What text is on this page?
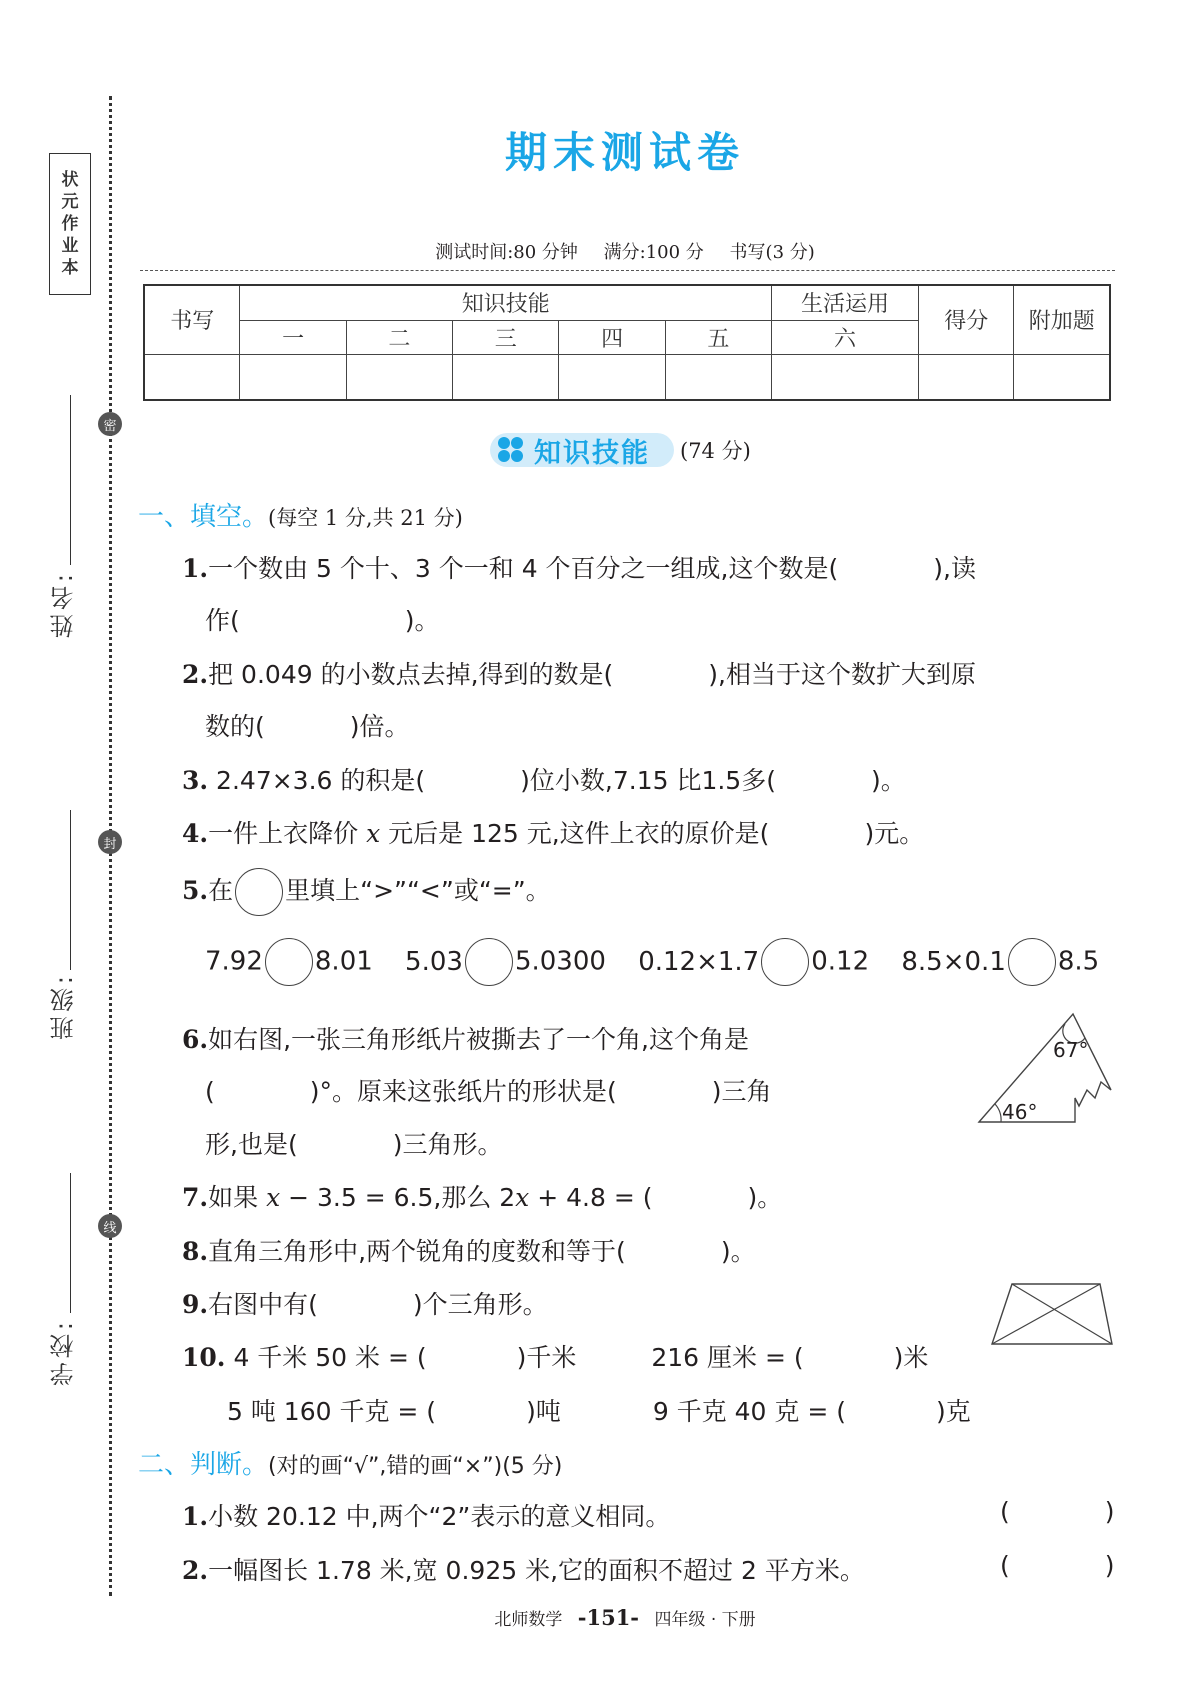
状
元
作
业
本
密
封
线
姓名:
班级:
学校:
期末测试卷
测试时间:80 分钟 满分:100 分 书写(3 分)
书写	知识技能					生活运用	得分	附加题
	一	二	三	四	五	六		

知识技能 (74 分)
一、填空。(每空 1 分,共 21 分)
1.一个数由 5 个十、3 个一和 4 个百分之一组成,这个数是(	),读
作(	)。
2.把 0.049 的小数点去掉,得到的数是(	),相当于这个数扩大到原
数的(	)倍。
3. 2.47×3.6 的积是(	)位小数,7.15 比1.5多(	)。
4.一件上衣降价 x 元后是 125 元,这件上衣的原价是(	)元。
5.在 里填上“>”“<”或“=”。
7.92 8.01 5.03 5.0300 0.12×1.7 0.12 8.5×0.1 8.5
6.如右图,一张三角形纸片被撕去了一个角,这个角是
(	)°。原来这张纸片的形状是(	)三角
形,也是(	)三角形。
67°
46°
7.如果 x − 3.5 = 6.5,那么 2x + 4.8 = (	)。
8.直角三角形中,两个锐角的度数和等于(	)。
9.右图中有(	)个三角形。
10. 4 千米 50 米 = (	)千米	216 厘米 = (	)米
5 吨 160 千克 = (	)吨	9 千克 40 克 = (	)克
二、判断。(对的画“√”,错的画“×”)(5 分)
1.小数 20.12 中,两个“2”表示的意义相同。	(	)
2.一幅图长 1.78 米,宽 0.925 米,它的面积不超过 2 平方米。	(	)
北师数学 -151- 四年级 · 下册
